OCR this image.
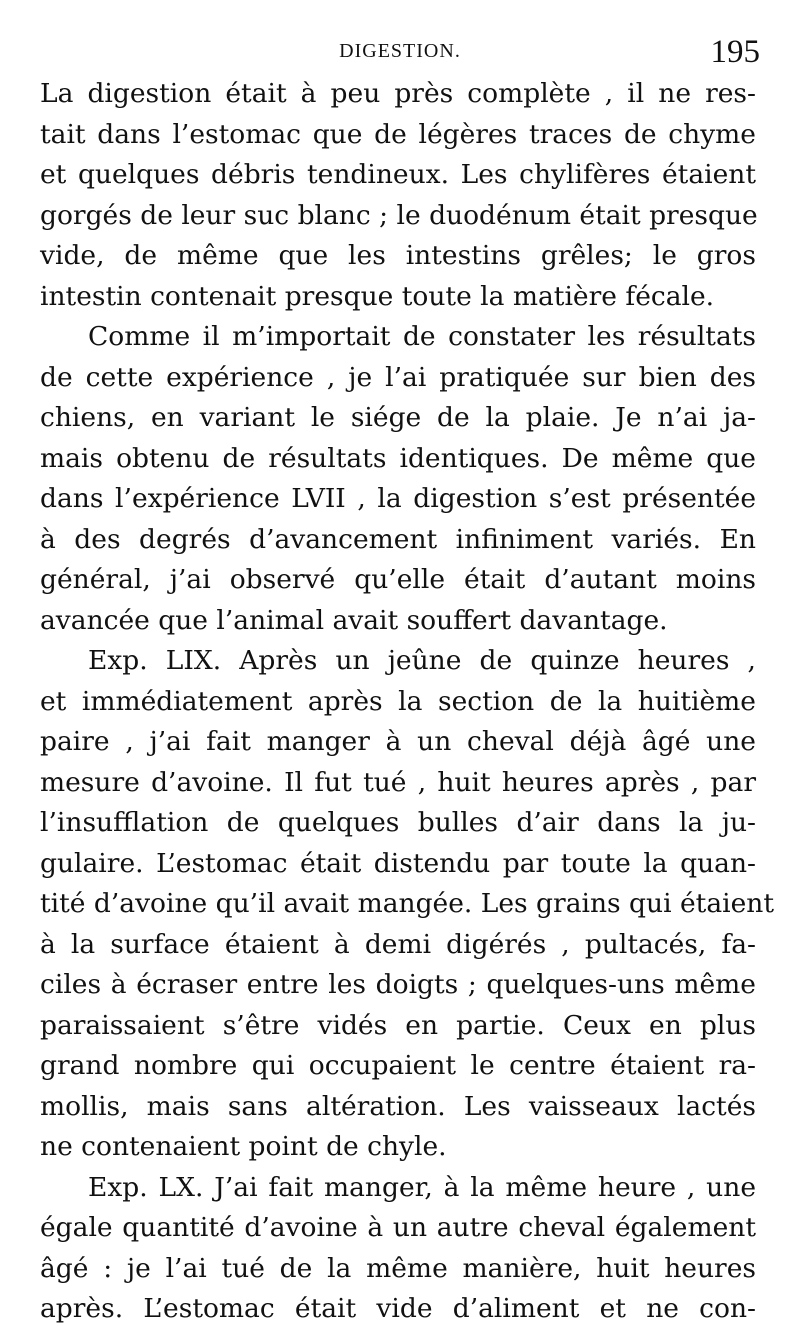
DIGESTION.	195
La digestion était à peu près complète , il ne res-
tait dans l’estomac que de légères traces de chyme
et quelques débris tendineux. Les chylifères étaient
gorgés de leur suc blanc ; le duodénum était presque
vide, de même que les intestins grêles; le gros
intestin contenait presque toute la matière fécale.
Comme il m’importait de constater les résultats
de cette expérience , je l’ai pratiquée sur bien des
chiens, en variant le siége de la plaie. Je n’ai ja-
mais obtenu de résultats identiques. De même que
dans l’expérience LVII , la digestion s’est présentée
à des degrés d’avancement infiniment variés. En
général, j’ai observé qu’elle était d’autant moins
avancée que l’animal avait souffert davantage.
Exp. LIX. Après un jeûne de quinze heures ,
et immédiatement après la section de la huitième
paire , j’ai fait manger à un cheval déjà âgé une
mesure d’avoine. Il fut tué , huit heures après , par
l’insufflation de quelques bulles d’air dans la ju-
gulaire. L’estomac était distendu par toute la quan-
tité d’avoine qu’il avait mangée. Les grains qui étaient
à la surface étaient à demi digérés , pultacés, fa-
ciles à écraser entre les doigts ; quelques-uns même
paraissaient s’être vidés en partie. Ceux en plus
grand nombre qui occupaient le centre étaient ra-
mollis, mais sans altération. Les vaisseaux lactés
ne contenaient point de chyle.
Exp. LX. J’ai fait manger, à la même heure , une
égale quantité d’avoine à un autre cheval également
âgé : je l’ai tué de la même manière, huit heures
après. L’estomac était vide d’aliment et ne con-
